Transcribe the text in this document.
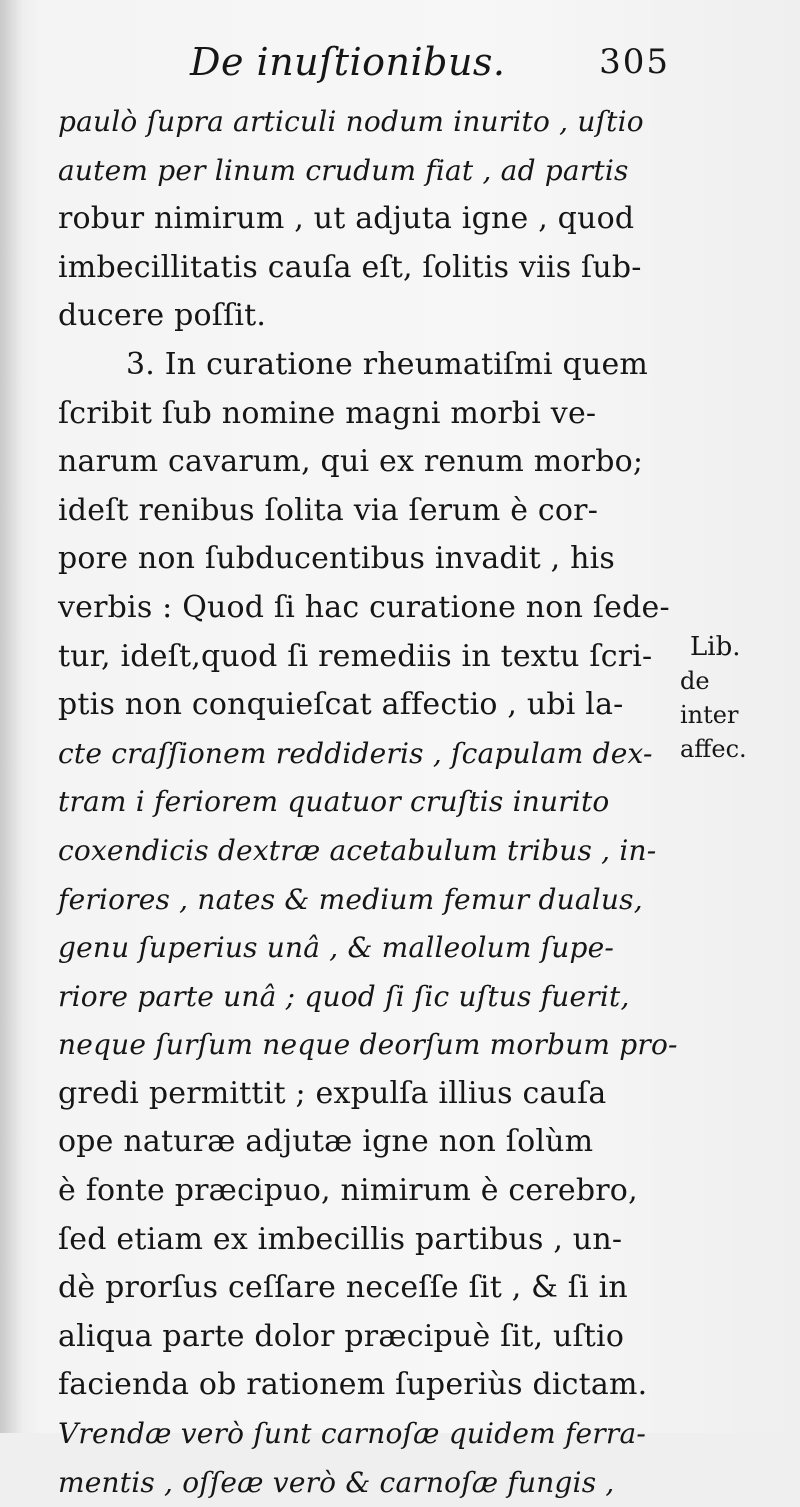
De inuſtionibus.	305
paulò ſupra articuli nodum inurito , uſtio
autem per linum crudum fiat , ad partis
robur nimirum , ut adjuta igne , quod
imbecillitatis cauſa eſt, ſolitis viis ſub-
ducere poſſit.
3. In curatione rheumatiſmi quem
ſcribit ſub nomine magni morbi ve-
narum cavarum, qui ex renum morbo;
ideſt renibus ſolita via ſerum è cor-
pore non ſubducentibus invadit , his
verbis : Quod ſi hac curatione non ſede-
tur, ideſt,quod ſi remediis in textu ſcri-
ptis non conquieſcat affectio , ubi la-
cte craſſionem reddideris , ſcapulam dex-
tram i feriorem quatuor cruſtis inurito
coxendicis dextræ acetabulum tribus , in-
feriores , nates & medium femur dualus,
genu ſuperius unâ , & malleolum ſupe-
riore parte unâ ; quod ſi ſic uſtus fuerit,
neque ſurſum neque deorſum morbum pro-
gredi permittit ; expulſa illius cauſa
ope naturæ adjutæ igne non ſolùm
è fonte præcipuo, nimirum è cerebro,
ſed etiam ex imbecillis partibus , un-
dè prorſus ceſſare neceſſe ſit , & ſi in
aliqua parte dolor præcipuè ſit, uſtio
facienda ob rationem ſuperiùs dictam.
Vrendæ verò ſunt carnoſæ quidem ferra-
mentis , oſſeæ verò & carnoſæ fungis ,
Lib.
de
inter
affec.
